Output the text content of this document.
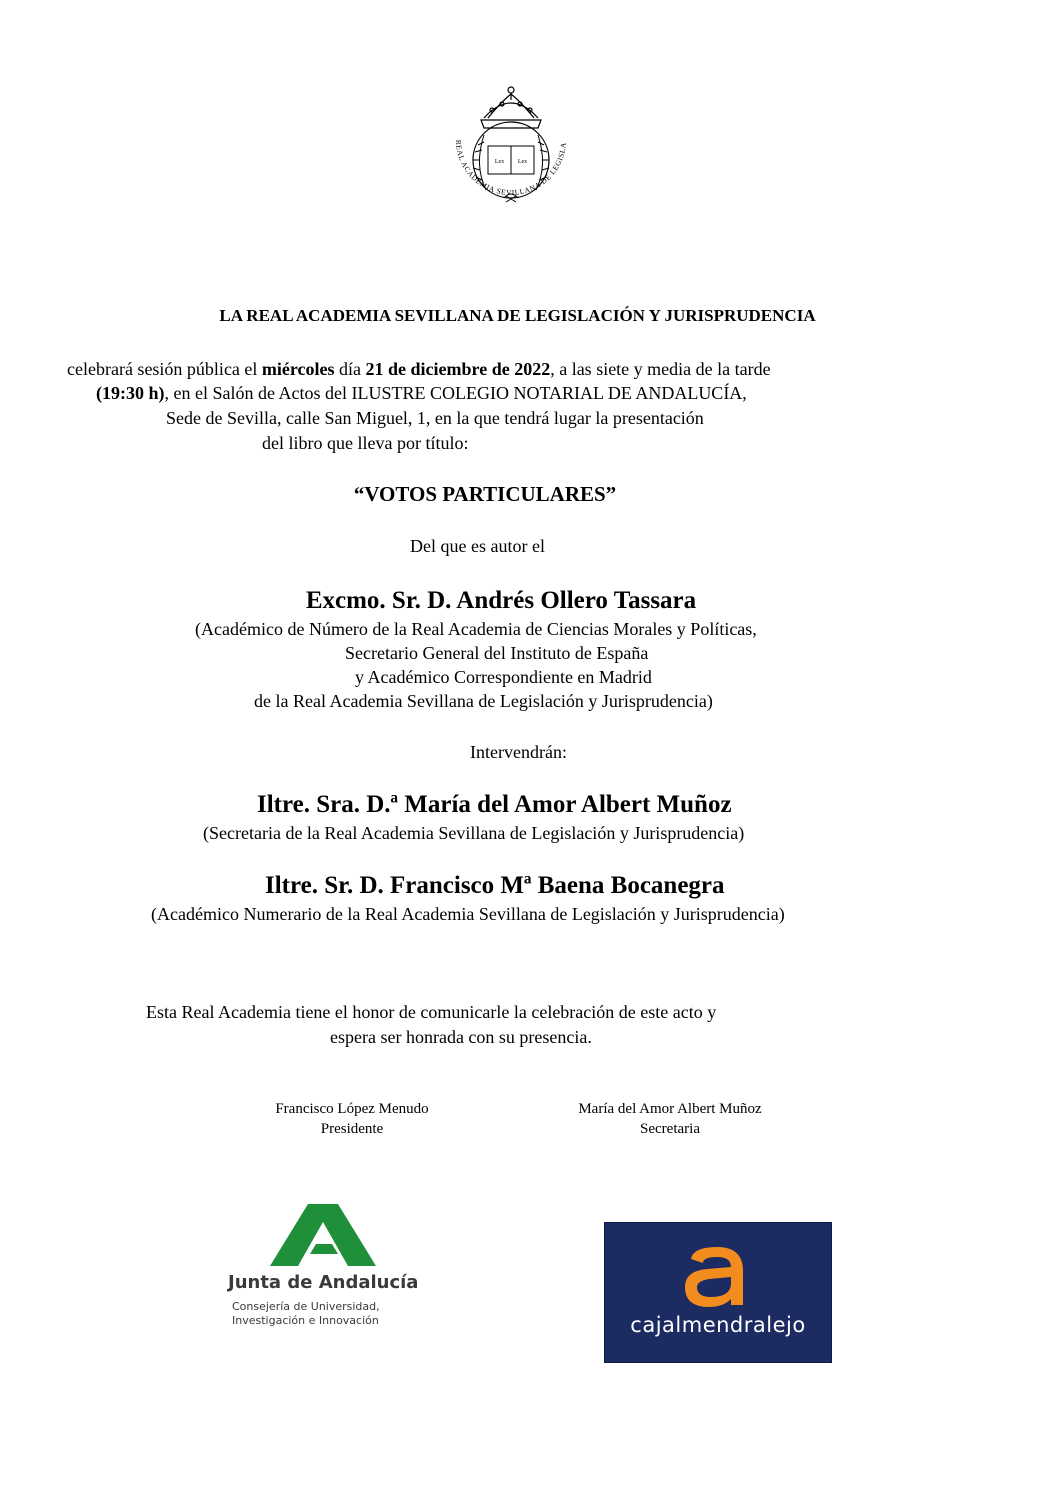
Lex Lex
REAL ACADEMIA SEVILLANA DE LEGISLA
LA REAL ACADEMIA SEVILLANA DE LEGISLACIÓN Y JURISPRUDENCIA
celebrará sesión pública el miércoles día 21 de diciembre de 2022, a las siete y media de la tarde
(19:30 h), en el Salón de Actos del ILUSTRE COLEGIO NOTARIAL DE ANDALUCÍA,
Sede de Sevilla, calle San Miguel, 1, en la que tendrá lugar la presentación
del libro que lleva por título:
“VOTOS PARTICULARES”
Del que es autor el
Excmo. Sr. D. Andrés Ollero Tassara
(Académico de Número de la Real Academia de Ciencias Morales y Políticas,
Secretario General del Instituto de España
y Académico Correspondiente en Madrid
de la Real Academia Sevillana de Legislación y Jurisprudencia)
Intervendrán:
Iltre. Sra. D.ª María del Amor Albert Muñoz
(Secretaria de la Real Academia Sevillana de Legislación y Jurisprudencia)
Iltre. Sr. D. Francisco Mª Baena Bocanegra
(Académico Numerario de la Real Academia Sevillana de Legislación y Jurisprudencia)
Esta Real Academia tiene el honor de comunicarle la celebración de este acto y
espera ser honrada con su presencia.
Francisco López Menudo
Presidente
María del Amor Albert Muñoz
Secretaria
Junta de Andalucía
Consejería de Universidad,
Investigación e Innovación	cajalmendralejo
